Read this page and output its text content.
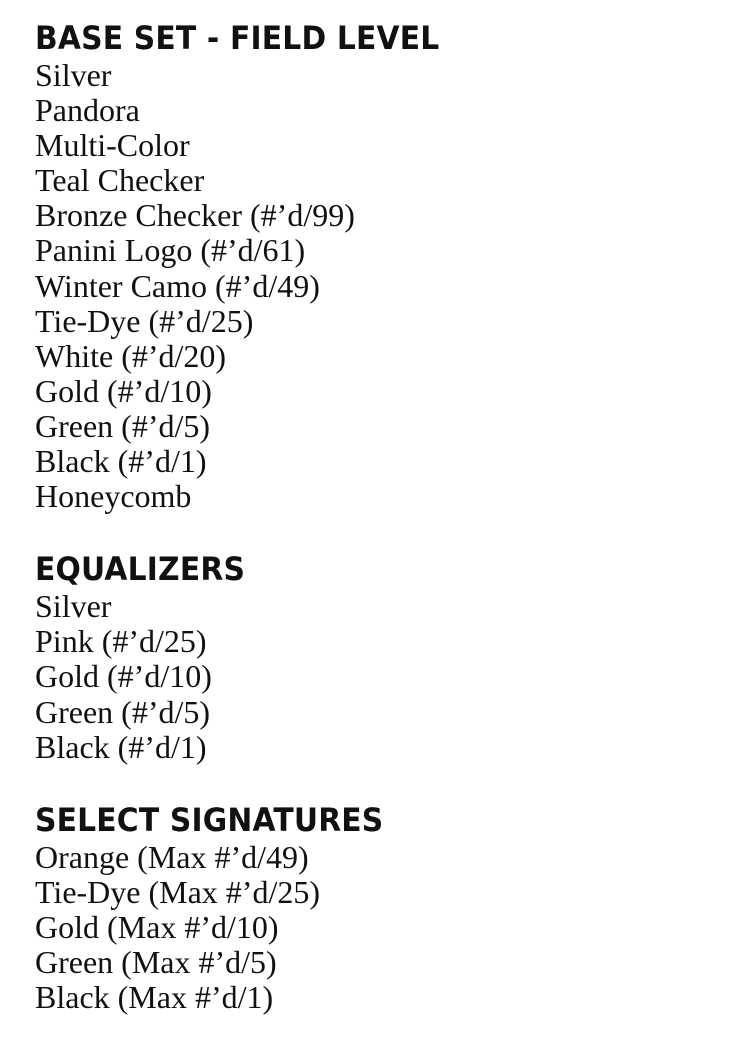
BASE SET - FIELD LEVEL
Silver
Pandora
Multi-Color
Teal Checker
Bronze Checker (#’d/99)
Panini Logo (#’d/61)
Winter Camo (#’d/49)
Tie-Dye (#’d/25)
White (#’d/20)
Gold (#’d/10)
Green (#’d/5)
Black (#’d/1)
Honeycomb
EQUALIZERS
Silver
Pink (#’d/25)
Gold (#’d/10)
Green (#’d/5)
Black (#’d/1)
SELECT SIGNATURES
Orange (Max #’d/49)
Tie-Dye (Max #’d/25)
Gold (Max #’d/10)
Green (Max #’d/5)
Black (Max #’d/1)
